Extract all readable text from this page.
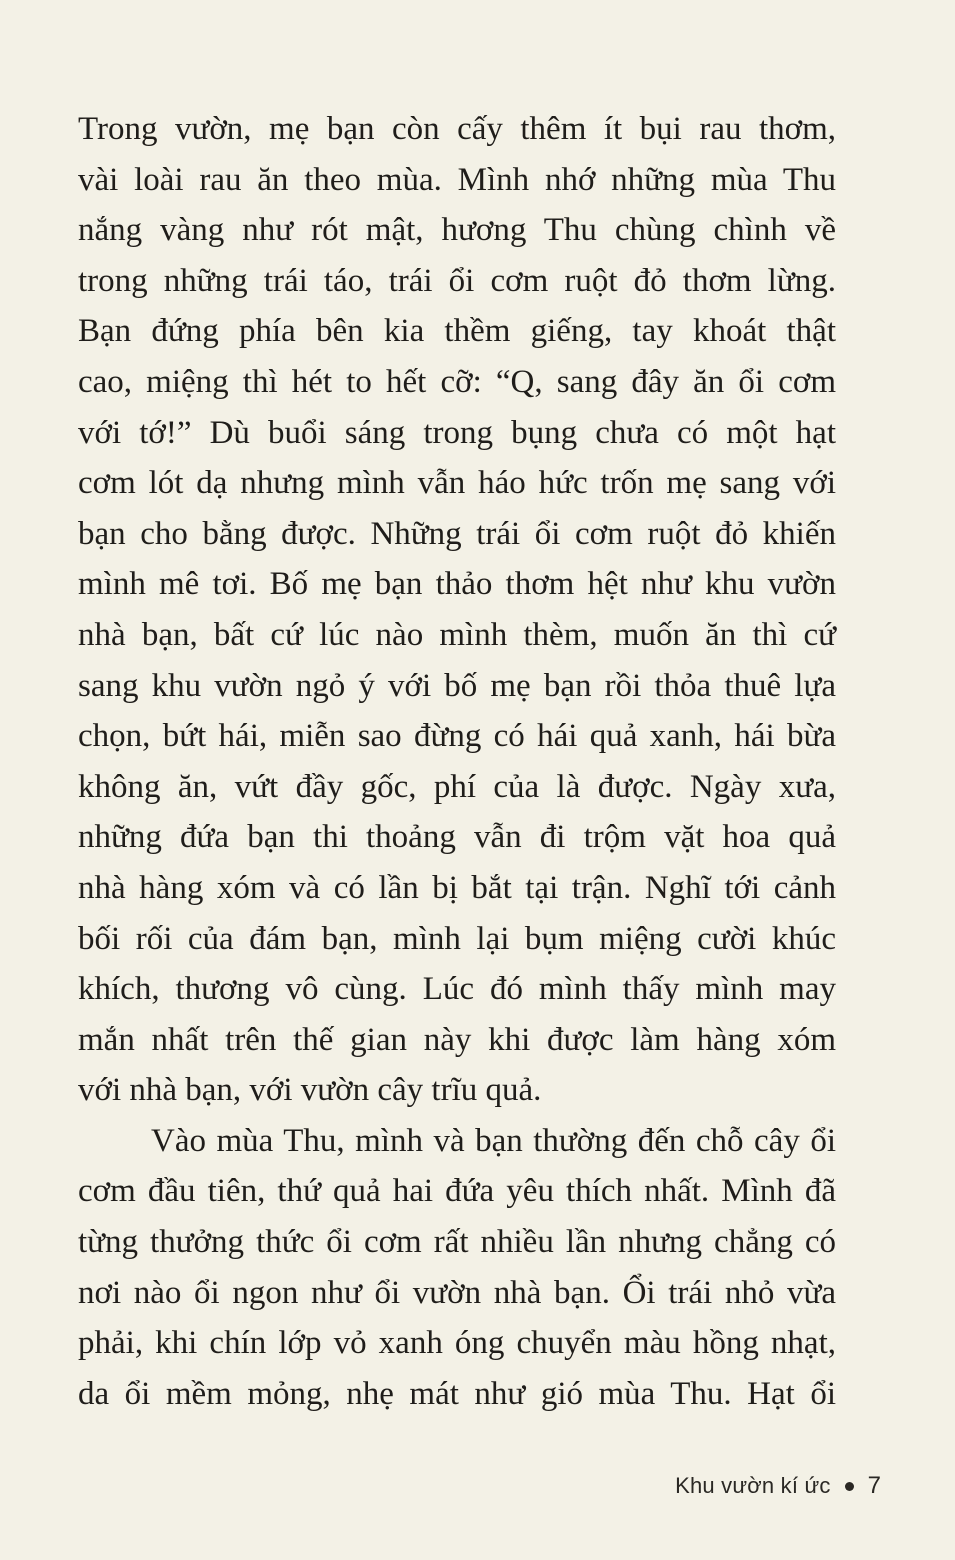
Trong vườn, mẹ bạn còn cấy thêm ít bụi rau thơm,
vài loài rau ăn theo mùa. Mình nhớ những mùa Thu
nắng vàng như rót mật, hương Thu chùng chình về
trong những trái táo, trái ổi cơm ruột đỏ thơm lừng.
Bạn đứng phía bên kia thềm giếng, tay khoát thật
cao, miệng thì hét to hết cỡ: “Q, sang đây ăn ổi cơm
với tớ!” Dù buổi sáng trong bụng chưa có một hạt
cơm lót dạ nhưng mình vẫn háo hức trốn mẹ sang với
bạn cho bằng được. Những trái ổi cơm ruột đỏ khiến
mình mê tơi. Bố mẹ bạn thảo thơm hệt như khu vườn
nhà bạn, bất cứ lúc nào mình thèm, muốn ăn thì cứ
sang khu vườn ngỏ ý với bố mẹ bạn rồi thỏa thuê lựa
chọn, bứt hái, miễn sao đừng có hái quả xanh, hái bừa
không ăn, vứt đầy gốc, phí của là được. Ngày xưa,
những đứa bạn thi thoảng vẫn đi trộm vặt hoa quả
nhà hàng xóm và có lần bị bắt tại trận. Nghĩ tới cảnh
bối rối của đám bạn, mình lại bụm miệng cười khúc
khích, thương vô cùng. Lúc đó mình thấy mình may
mắn nhất trên thế gian này khi được làm hàng xóm
với nhà bạn, với vườn cây trĩu quả.
Vào mùa Thu, mình và bạn thường đến chỗ cây ổi
cơm đầu tiên, thứ quả hai đứa yêu thích nhất. Mình đã
từng thưởng thức ổi cơm rất nhiều lần nhưng chẳng có
nơi nào ổi ngon như ổi vườn nhà bạn. Ổi trái nhỏ vừa
phải, khi chín lớp vỏ xanh óng chuyển màu hồng nhạt,
da ổi mềm mỏng, nhẹ mát như gió mùa Thu. Hạt ổi
Khu vườn kí ức 7
